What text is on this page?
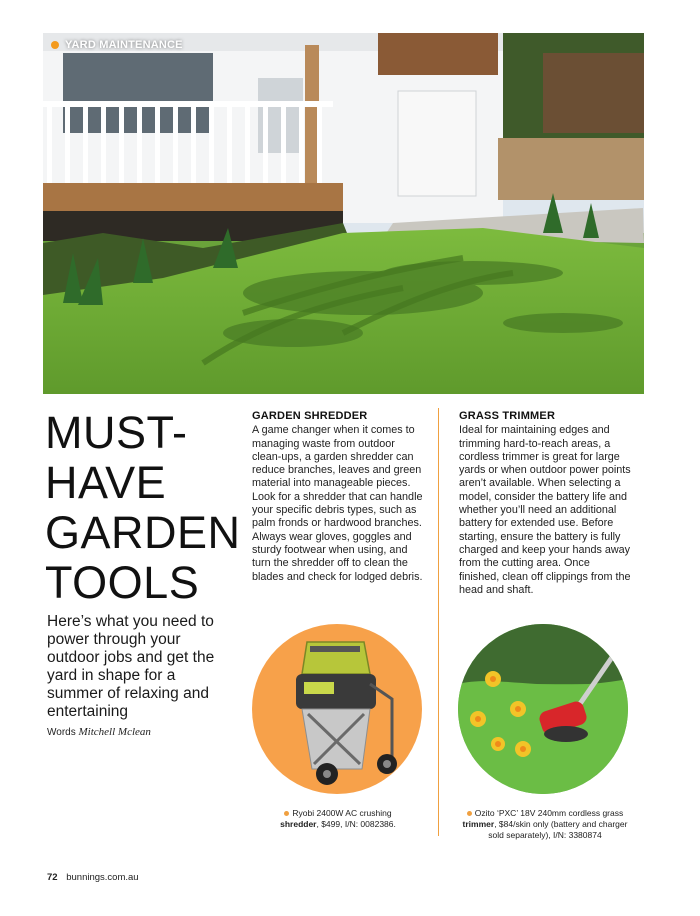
YARD MAINTENANCE
MUST-
HAVE
GARDEN
TOOLS
Here’s what you need to power through your outdoor jobs and get the yard in shape for a summer of relaxing and entertaining
Words Mitchell Mclean
GARDEN SHREDDER

A game changer when it comes to managing waste from outdoor clean-ups, a garden shredder can reduce branches, leaves and green material into manageable pieces. Look for a shredder that can handle your specific debris types, such as palm fronds or hardwood branches. Always wear gloves, goggles and sturdy footwear when using, and turn the shredder off to clean the blades and check for lodged debris.

GRASS TRIMMER

Ideal for maintaining edges and trimming hard-to-reach areas, a cordless trimmer is great for large yards or when outdoor power points aren’t available. When selecting a model, consider the battery life and whether you’ll need an additional battery for extended use. Before starting, ensure the battery is fully charged and keep your hands away from the cutting area. Once finished, clean off clippings from the head and shaft.

Ryobi 2400W AC crushing shredder, $499, I/N: 0082386.
Ozito ‘PXC’ 18V 240mm cordless grass trimmer, $84/skin only (battery and charger sold separately), I/N: 3380874
72 bunnings.com.au
